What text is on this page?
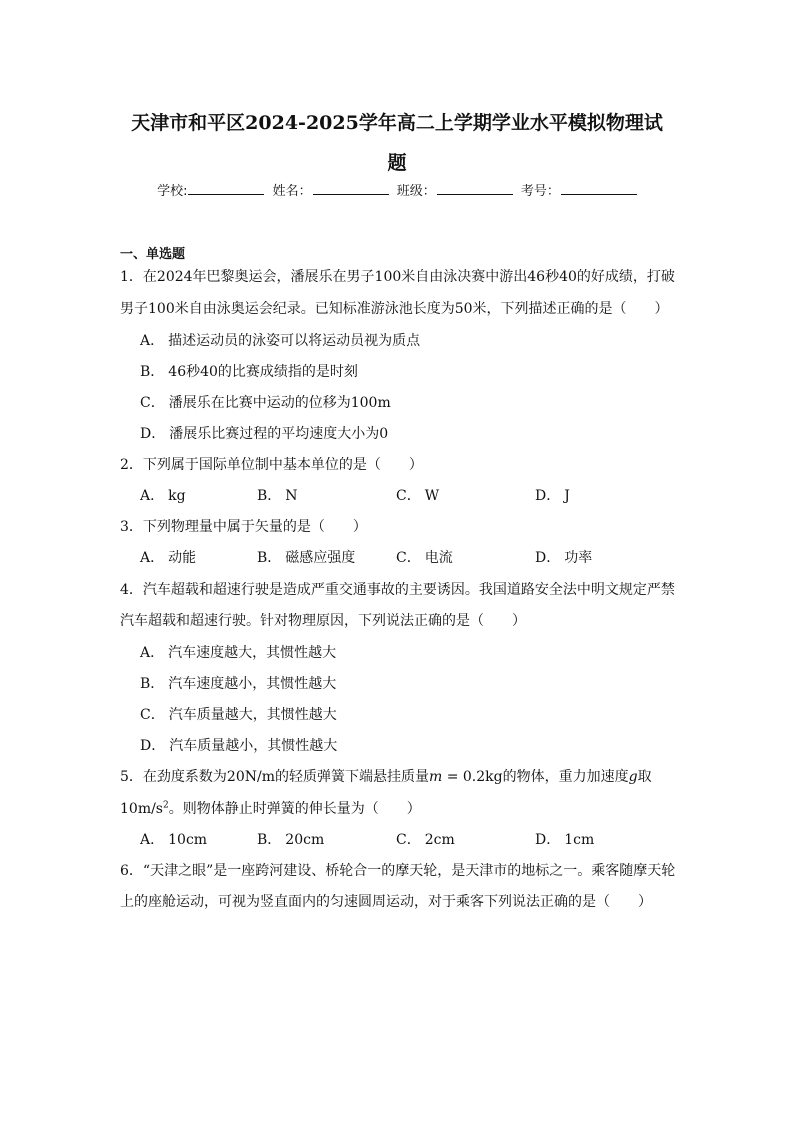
天津市和平区2024-2025学年高二上学期学业水平模拟物理试
题
学校:	姓名：	班级：	考号：
一、单选题
1．在2024年巴黎奥运会，潘展乐在男子100米自由泳决赛中游出46秒40的好成绩，打破
男子100米自由泳奥运会纪录。已知标准游泳池长度为50米，下列描述正确的是（　　）
A． 描述运动员的泳姿可以将运动员视为质点
B． 46秒40的比赛成绩指的是时刻
C． 潘展乐在比赛中运动的位移为100m
D． 潘展乐比赛过程的平均速度大小为0
2．下列属于国际单位制中基本单位的是（　　）
A． kg	B． N	C． W	D． J
3．下列物理量中属于矢量的是（　　）
A． 动能	B． 磁感应强度	C． 电流	D． 功率
4．汽车超载和超速行驶是造成严重交通事故的主要诱因。我国道路安全法中明文规定严禁
汽车超载和超速行驶。针对物理原因，下列说法正确的是（　　）
A． 汽车速度越大，其惯性越大
B． 汽车速度越小，其惯性越大
C． 汽车质量越大，其惯性越大
D． 汽车质量越小，其惯性越大
5．在劲度系数为20N/m的轻质弹簧下端悬挂质量m = 0.2kg的物体，重力加速度g取
$10m/s^2$。则物体静止时弹簧的伸长量为（　　）
A． 10cm	B． 20cm	C． 2cm	D． 1cm
6．“天津之眼”是一座跨河建设、桥轮合一的摩天轮，是天津市的地标之一。乘客随摩天轮
上的座舱运动，可视为竖直面内的匀速圆周运动，对于乘客下列说法正确的是（　　）
